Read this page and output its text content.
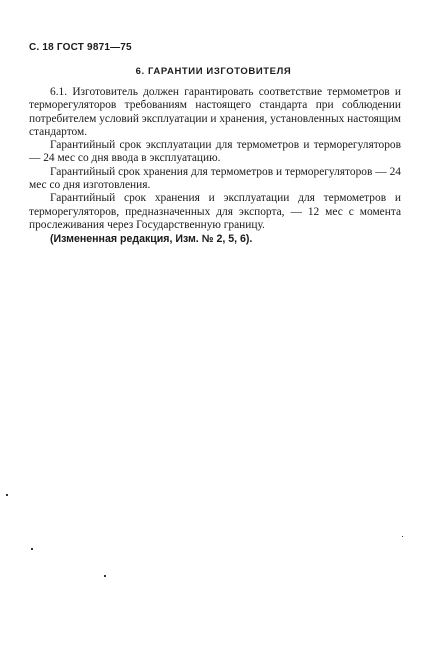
С. 18 ГОСТ 9871—75
6. ГАРАНТИИ ИЗГОТОВИТЕЛЯ

6.1. Изготовитель должен гарантировать соответствие термометров и терморегуляторов требованиям настоящего стандарта при соблюдении потребителем условий эксплуатации и хранения, установленных настоящим стандартом.

Гарантийный срок эксплуатации для термометров и терморегуляторов — 24 мес со дня ввода в эксплуатацию.

Гарантийный срок хранения для термометров и терморегуляторов — 24 мес со дня изготовления.

Гарантийный срок хранения и эксплуатации для термометров и терморегуляторов, предназначенных для экспорта, — 12 мес с момента прослеживания через Государственную границу.

(Измененная редакция, Изм. № 2, 5, 6).
